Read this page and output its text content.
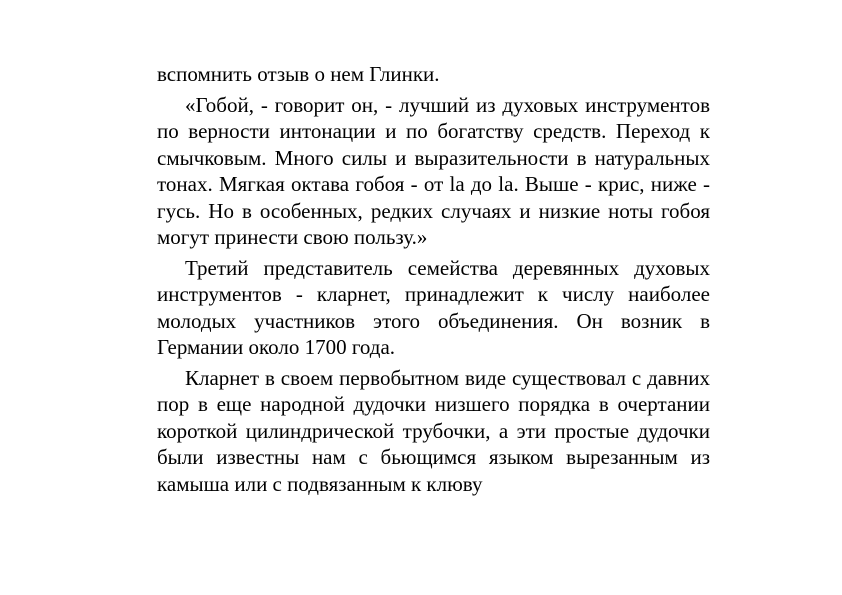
вспомнить отзыв о нем Глинки.

«Гобой, - говорит он, - лучший из духовых инструментов по верности интонации и по богатству средств. Переход к смычковым. Много силы и выразительности в натуральных тонах. Мягкая октава гобоя - от la до la. Выше - крис, ниже - гусь. Но в особенных, редких случаях и низкие ноты гобоя могут принести свою пользу.»

Третий представитель семейства деревянных духовых инструментов - кларнет, принадлежит к числу наиболее молодых участников этого объединения. Он возник в Германии около 1700 года.

Кларнет в своем первобытном виде существовал с давних пор в еще народной дудочки низшего порядка в очертании короткой цилиндрической трубочки, а эти простые дудочки были известны нам с бьющимся языком вырезанным из камыша или с подвязанным к клюву
